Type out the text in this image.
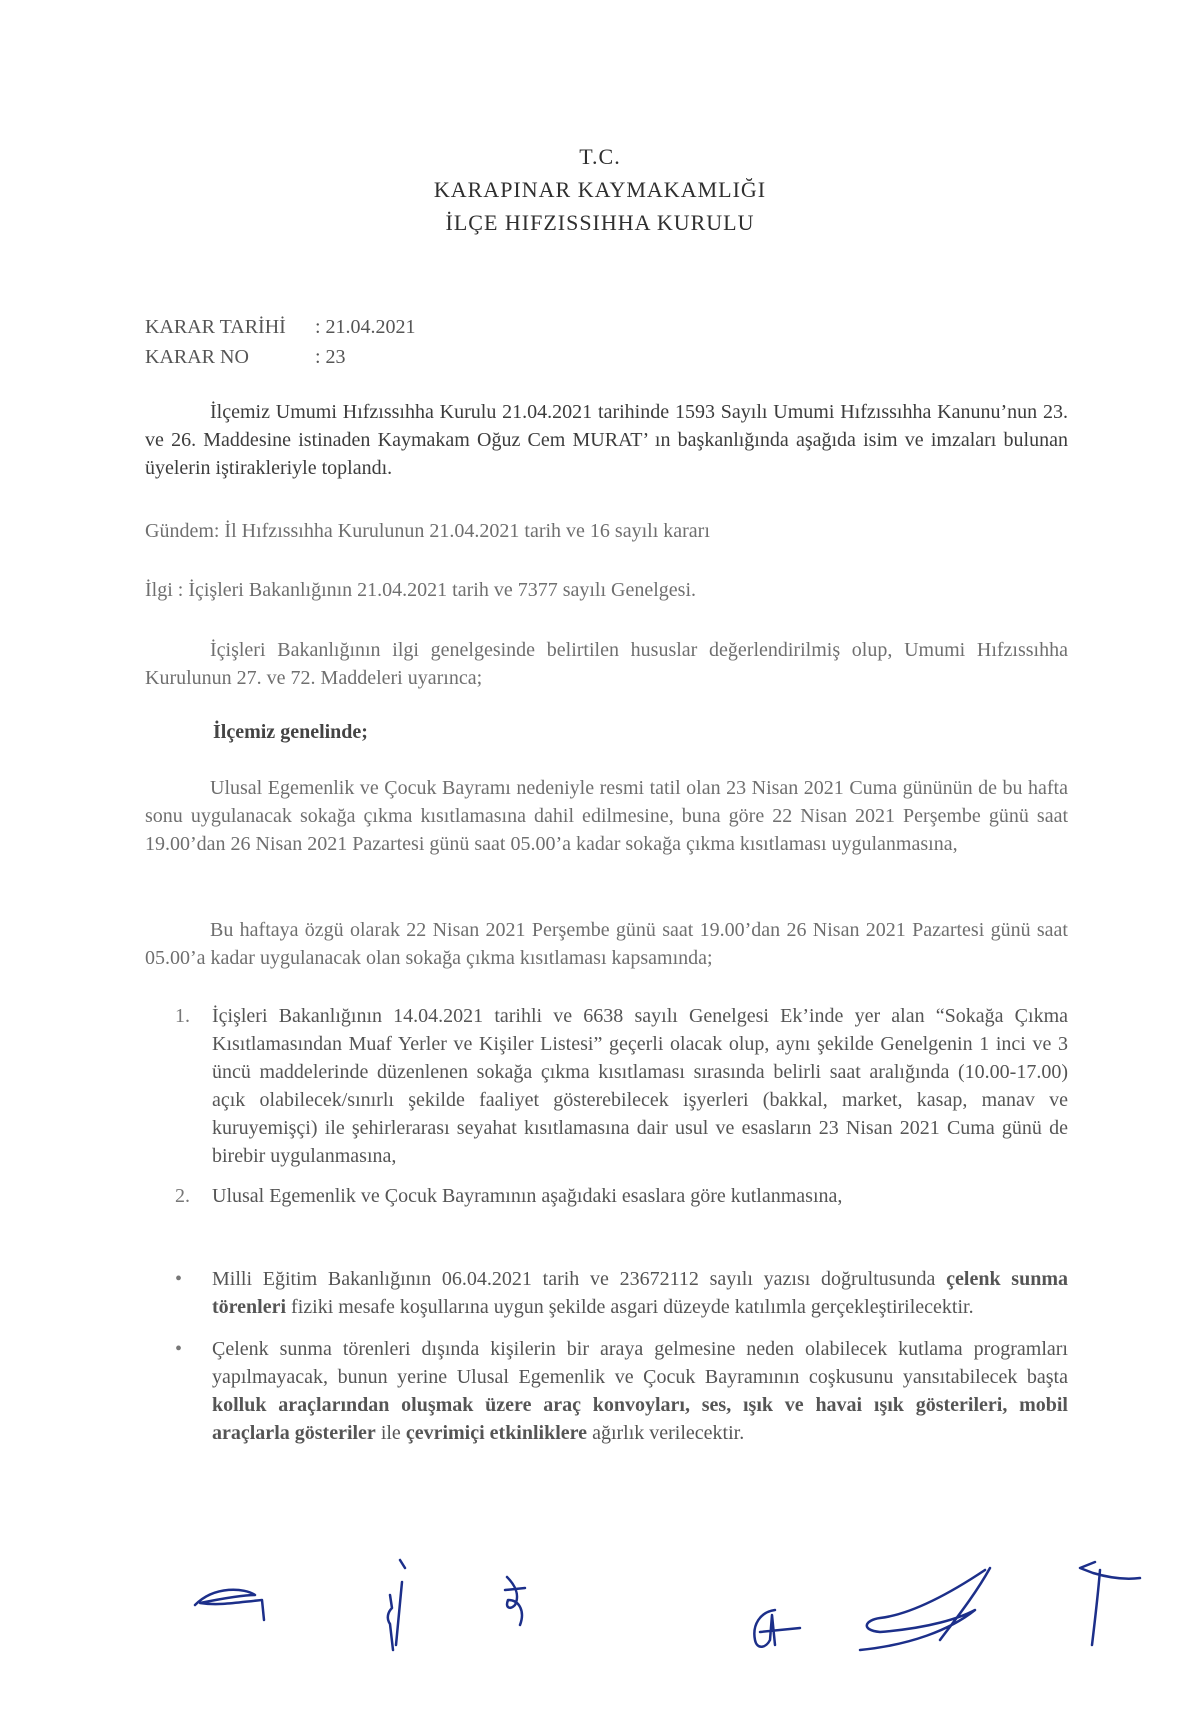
T.C.
KARAPINAR KAYMAKAMLIĞI
İLÇE HIFZISSIHHA KURULU
KARAR TARİHİ : 21.04.2021
KARAR NO	: 23
İlçemiz Umumi Hıfzıssıhha Kurulu 21.04.2021 tarihinde 1593 Sayılı Umumi Hıfzıssıhha Kanunu’nun 23. ve 26. Maddesine istinaden Kaymakam Oğuz Cem MURAT’ ın başkanlığında aşağıda isim ve imzaları bulunan üyelerin iştirakleriyle toplandı.
Gündem: İl Hıfzıssıhha Kurulunun 21.04.2021 tarih ve 16 sayılı kararı
İlgi : İçişleri Bakanlığının 21.04.2021 tarih ve 7377 sayılı Genelgesi.
İçişleri Bakanlığının ilgi genelgesinde belirtilen hususlar değerlendirilmiş olup, Umumi Hıfzıssıhha Kurulunun 27. ve 72. Maddeleri uyarınca;
İlçemiz genelinde;
Ulusal Egemenlik ve Çocuk Bayramı nedeniyle resmi tatil olan 23 Nisan 2021 Cuma gününün de bu hafta sonu uygulanacak sokağa çıkma kısıtlamasına dahil edilmesine, buna göre 22 Nisan 2021 Perşembe günü saat 19.00’dan 26 Nisan 2021 Pazartesi günü saat 05.00’a kadar sokağa çıkma kısıtlaması uygulanmasına,
Bu haftaya özgü olarak 22 Nisan 2021 Perşembe günü saat 19.00’dan 26 Nisan 2021 Pazartesi günü saat 05.00’a kadar uygulanacak olan sokağa çıkma kısıtlaması kapsamında;
1. İçişleri Bakanlığının 14.04.2021 tarihli ve 6638 sayılı Genelgesi Ek’inde yer alan “Sokağa Çıkma Kısıtlamasından Muaf Yerler ve Kişiler Listesi” geçerli olacak olup, aynı şekilde Genelgenin 1 inci ve 3 üncü maddelerinde düzenlenen sokağa çıkma kısıtlaması sırasında belirli saat aralığında (10.00-17.00) açık olabilecek/sınırlı şekilde faaliyet gösterebilecek işyerleri (bakkal, market, kasap, manav ve kuruyemişçi) ile şehirlerarası seyahat kısıtlamasına dair usul ve esasların 23 Nisan 2021 Cuma günü de birebir uygulanmasına,
2. Ulusal Egemenlik ve Çocuk Bayramının aşağıdaki esaslara göre kutlanmasına,
• Milli Eğitim Bakanlığının 06.04.2021 tarih ve 23672112 sayılı yazısı doğrultusunda çelenk sunma törenleri fiziki mesafe koşullarına uygun şekilde asgari düzeyde katılımla gerçekleştirilecektir.
• Çelenk sunma törenleri dışında kişilerin bir araya gelmesine neden olabilecek kutlama programları yapılmayacak, bunun yerine Ulusal Egemenlik ve Çocuk Bayramının coşkusunu yansıtabilecek başta kolluk araçlarından oluşmak üzere araç konvoyları, ses, ışık ve havai ışık gösterileri, mobil araçlarla gösteriler ile çevrimiçi etkinliklere ağırlık verilecektir.
